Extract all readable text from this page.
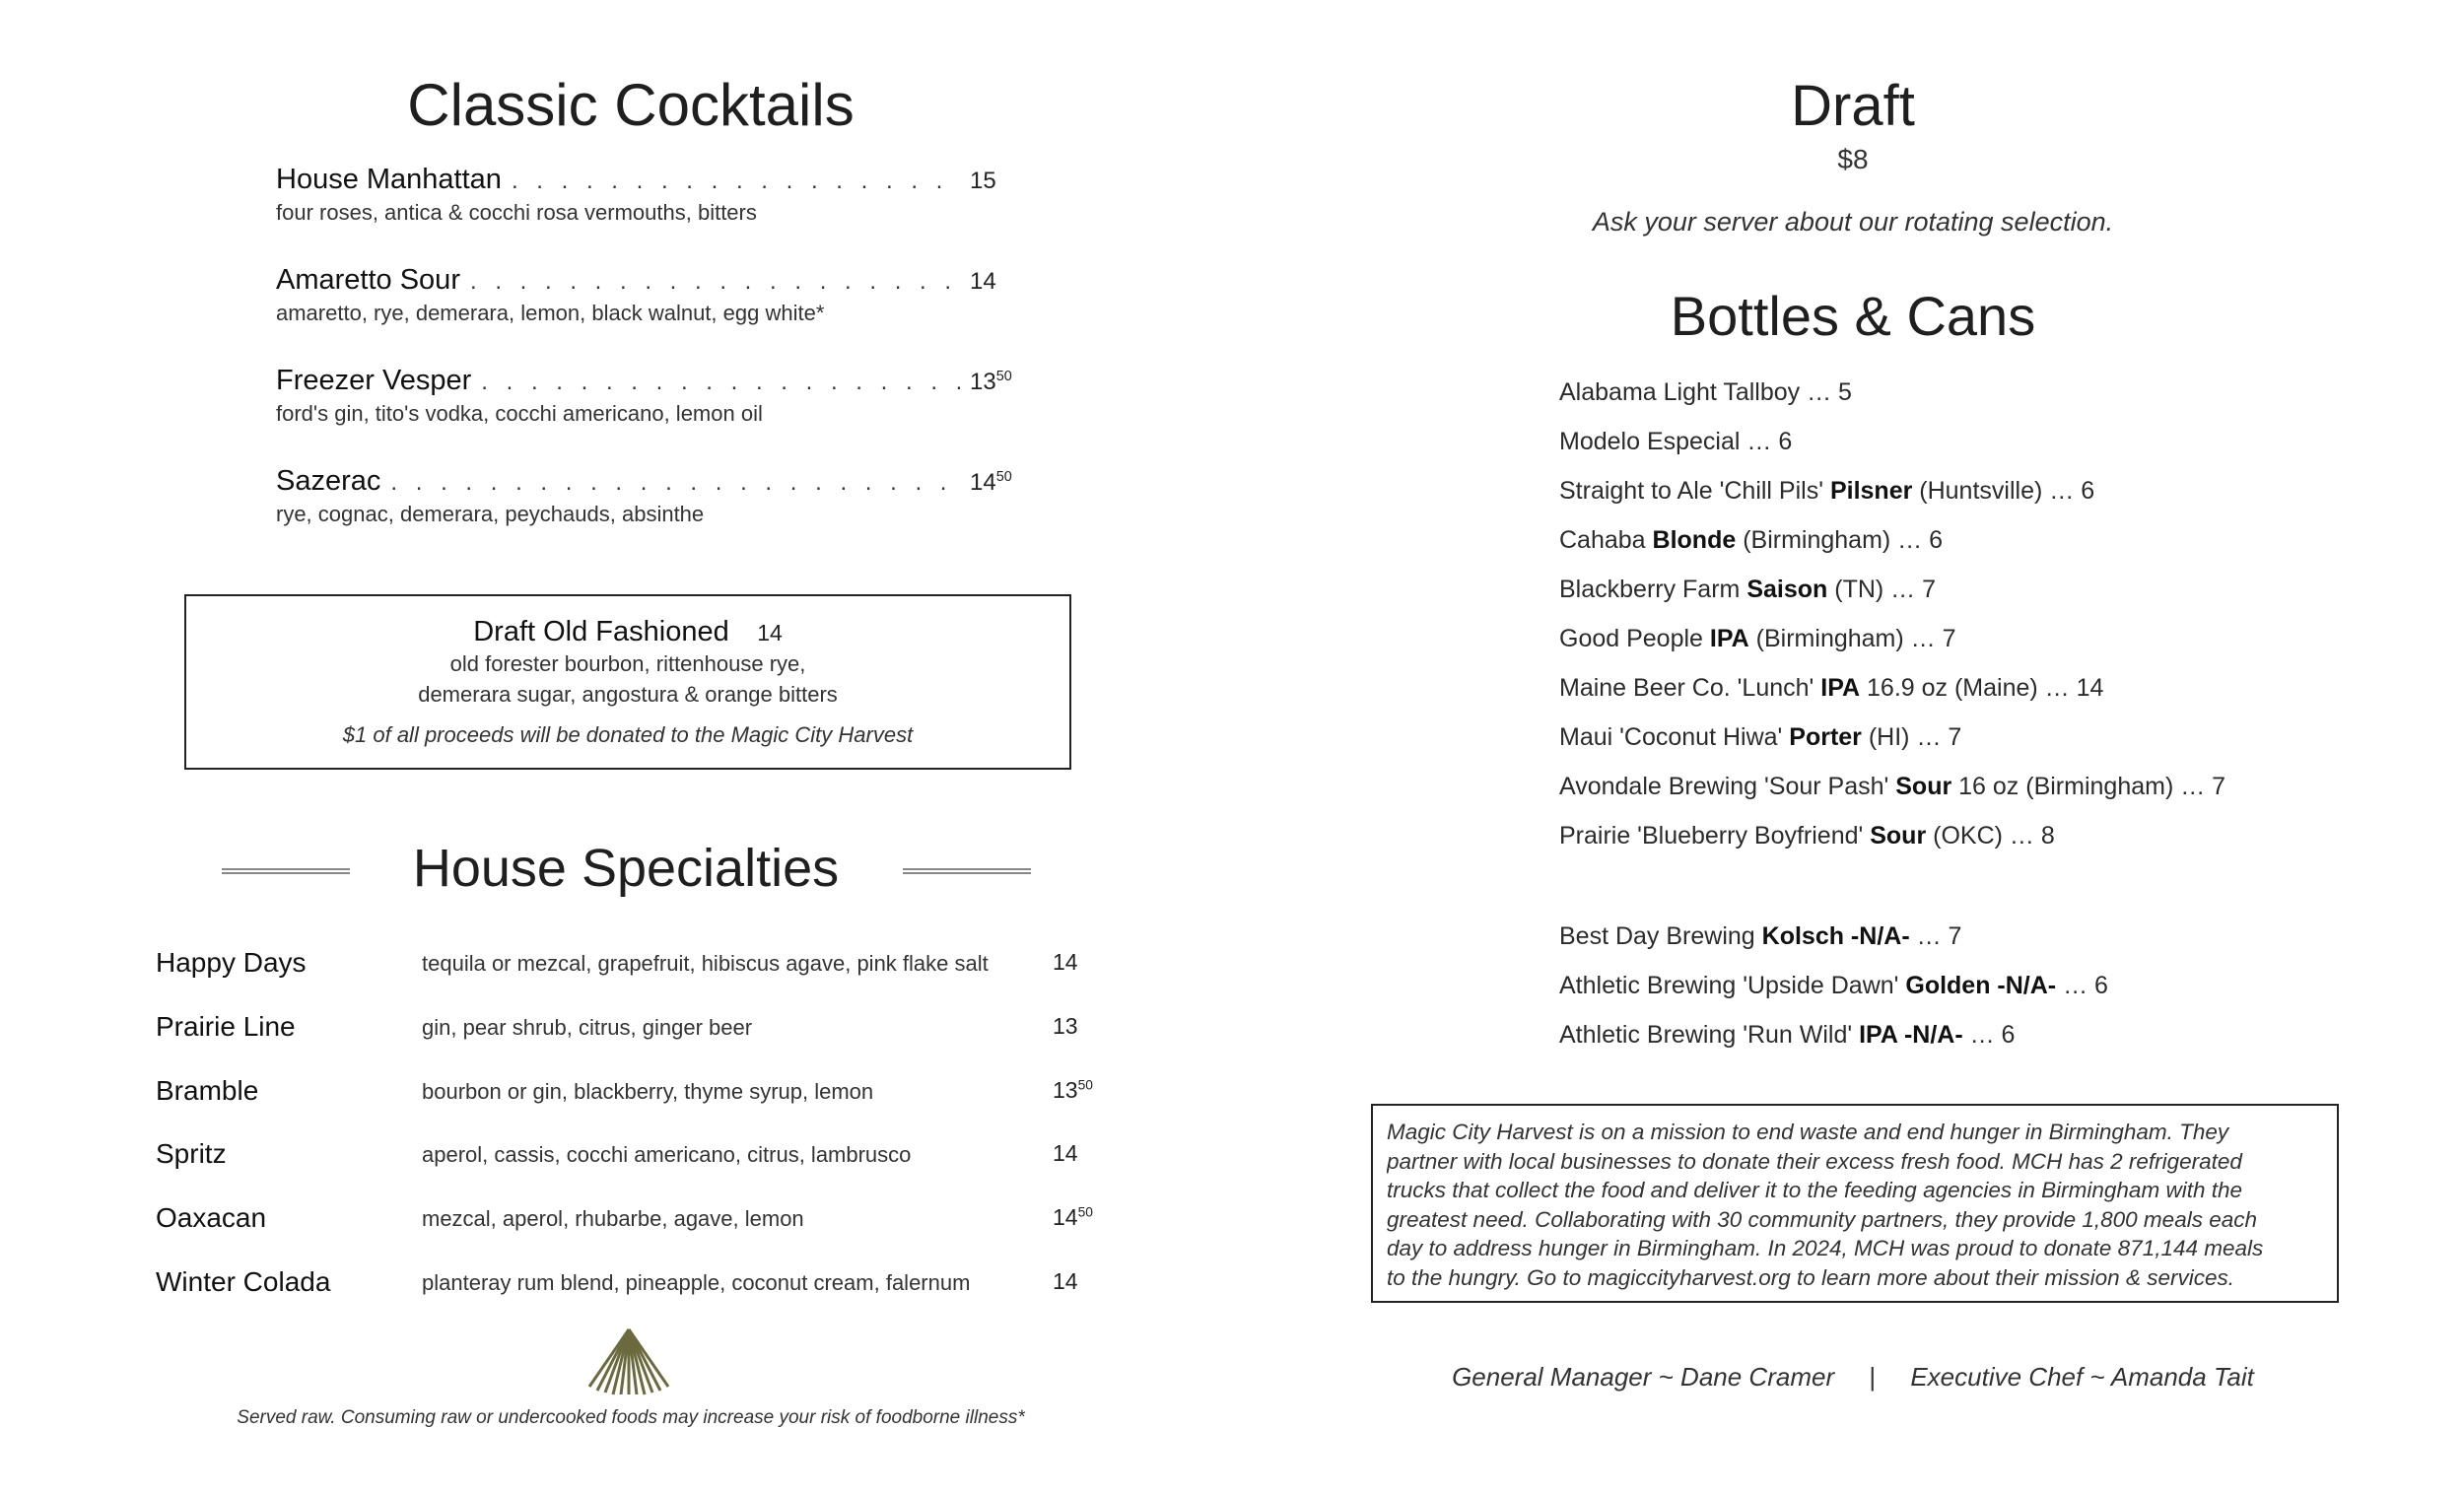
Classic Cocktails
House Manhattan . . .	15
four roses, antica & cocchi rosa vermouths, bitters
Amaretto Sour . . .	14
amaretto, rye, demerara, lemon, black walnut, egg white*
Freezer Vesper . . .	$13^{50}$
ford's gin, tito's vodka, cocchi americano, lemon oil
Sazerac . . .	$14^{50}$
rye, cognac, demerara, peychauds, absinthe
Draft Old Fashioned 14
old forester bourbon, rittenhouse rye,
demerara sugar, angostura & orange bitters
$1 of all proceeds will be donated to the Magic City Harvest
House Specialties
Happy Days	tequila or mezcal, grapefruit, hibiscus agave, pink flake salt	14
Prairie Line	gin, pear shrub, citrus, ginger beer	13
Bramble	bourbon or gin, blackberry, thyme syrup, lemon	$13^{50}$
Spritz	aperol, cassis, cocchi americano, citrus, lambrusco	14
Oaxacan	mezcal, aperol, rhubarbe, agave, lemon	$14^{50}$
Winter Colada	planteray rum blend, pineapple, coconut cream, falernum	14
Served raw. Consuming raw or undercooked foods may increase your risk of foodborne illness*
Draft
$8
Ask your server about our rotating selection.
Bottles & Cans
Alabama Light Tallboy … 5
Modelo Especial … 6
Straight to Ale 'Chill Pils' Pilsner (Huntsville) … 6
Cahaba Blonde (Birmingham) … 6
Blackberry Farm Saison (TN) … 7
Good People IPA (Birmingham) … 7
Maine Beer Co. 'Lunch' IPA 16.9 oz (Maine) … 14
Maui 'Coconut Hiwa' Porter (HI) … 7
Avondale Brewing 'Sour Pash' Sour 16 oz (Birmingham) … 7
Prairie 'Blueberry Boyfriend' Sour (OKC) … 8
Best Day Brewing Kolsch -N/A- … 7
Athletic Brewing 'Upside Dawn' Golden -N/A- … 6
Athletic Brewing 'Run Wild' IPA -N/A- … 6
Magic City Harvest is on a mission to end waste and end hunger in Birmingham. They
partner with local businesses to donate their excess fresh food. MCH has 2 refrigerated
trucks that collect the food and deliver it to the feeding agencies in Birmingham with the
greatest need. Collaborating with 30 community partners, they provide 1,800 meals each
day to address hunger in Birmingham. In 2024, MCH was proud to donate 871,144 meals
to the hungry. Go to magiccityharvest.org to learn more about their mission & services.
General Manager ~ Dane Cramer | Executive Chef ~ Amanda Tait
